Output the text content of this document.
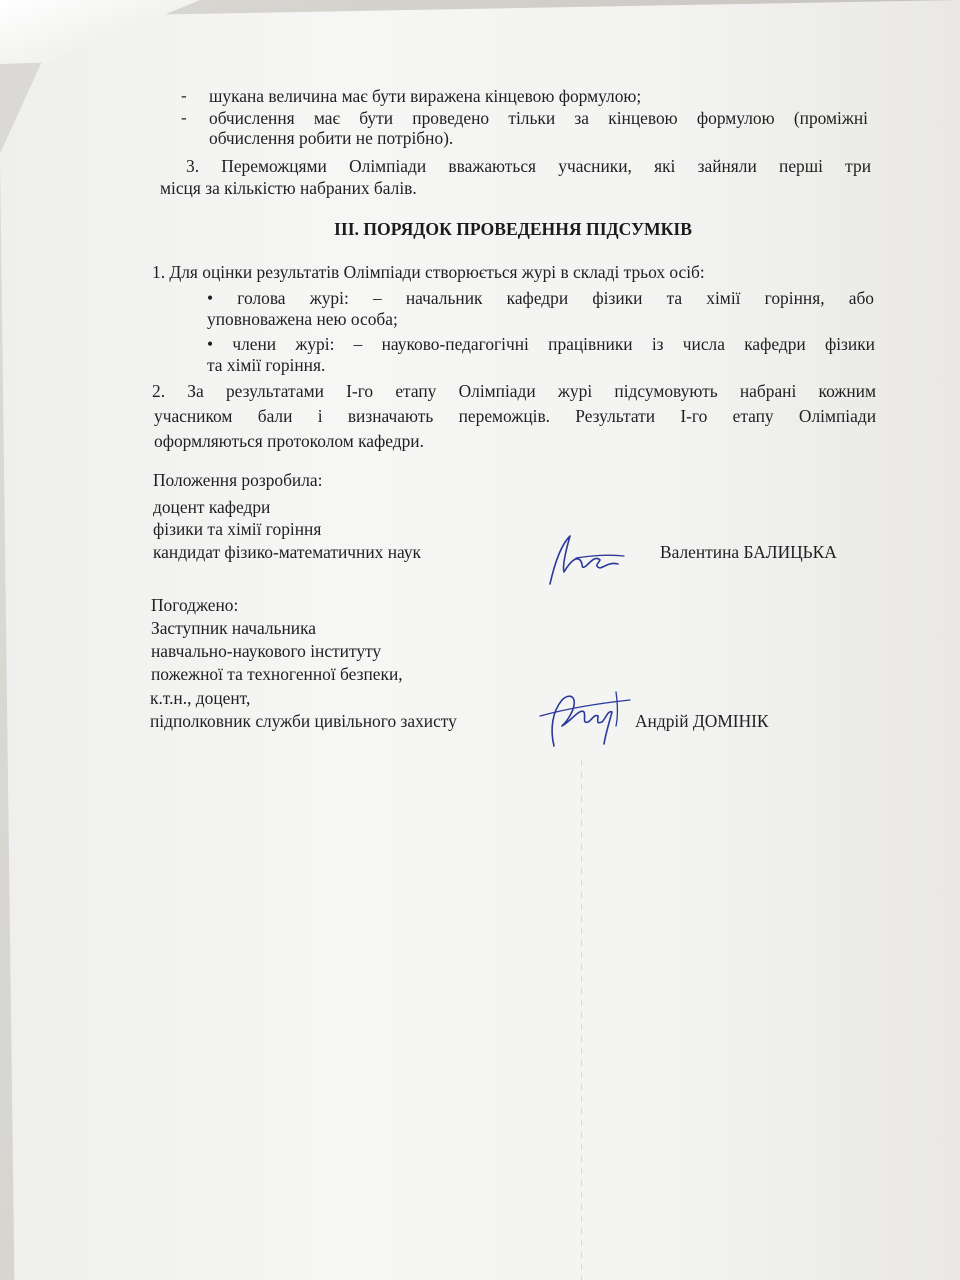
- шукана величина має бути виражена кінцевою формулою;
- обчислення має бути проведено тільки за кінцевою формулою (проміжні
обчислення робити не потрібно).
3. Переможцями Олімпіади вважаються учасники, які зайняли перші три
місця за кількістю набраних балів.
ІІІ. ПОРЯДОК ПРОВЕДЕННЯ ПІДСУМКІВ
1. Для оцінки результатів Олімпіади створюється журі в складі трьох осіб:
• голова журі: – начальник кафедри фізики та хімії горіння, або
уповноважена нею особа;
• члени журі: – науково-педагогічні працівники із числа кафедри фізики
та хімії горіння.
2. За результатами І-го етапу Олімпіади журі підсумовують набрані кожним
учасником бали і визначають переможців. Результати І-го етапу Олімпіади
оформляються протоколом кафедри.
Положення розробила:
доцент кафедри
фізики та хімії горіння
кандидат фізико-математичних наук	Валентина БАЛИЦЬКА
Погоджено:
Заступник начальника
навчально-наукового інституту
пожежної та техногенної безпеки,
к.т.н., доцент,
підполковник служби цивільного захисту	Андрій ДОМІНІК
